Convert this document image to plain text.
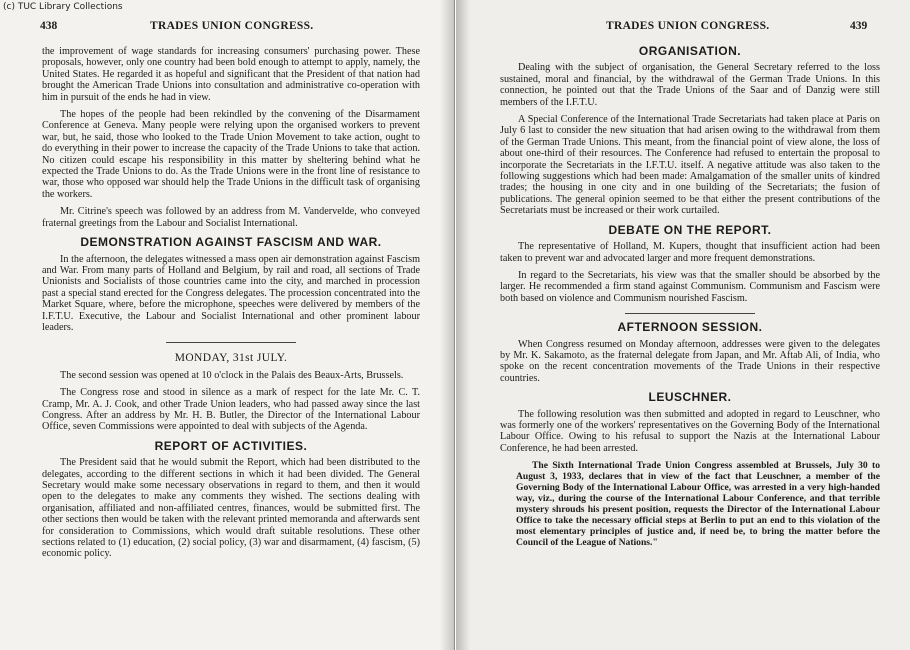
(c) TUC Library Collections
438	TRADES UNION CONGRESS.

the improvement of wage standards for increasing consumers' purchasing power. These proposals, however, only one country had been bold enough to attempt to apply, namely, the United States. He regarded it as hopeful and significant that the President of that nation had brought the American Trade Unions into consultation and administrative co-operation with him in pursuit of the ends he had in view.

The hopes of the people had been rekindled by the convening of the Disarmament Conference at Geneva. Many people were relying upon the organised workers to prevent war, but, he said, those who looked to the Trade Union Movement to take action, ought to do everything in their power to increase the capacity of the Trade Unions to take that action. No citizen could escape his responsibility in this matter by sheltering behind what he expected the Trade Unions to do. As the Trade Unions were in the front line of resistance to war, those who opposed war should help the Trade Unions in the difficult task of organising the workers.

Mr. Citrine's speech was followed by an address from M. Vandervelde, who conveyed fraternal greetings from the Labour and Socialist International.

DEMONSTRATION AGAINST FASCISM AND WAR.

In the afternoon, the delegates witnessed a mass open air demonstration against Fascism and War. From many parts of Holland and Belgium, by rail and road, all sections of Trade Unionists and Socialists of those countries came into the city, and marched in procession past a special stand erected for the Congress delegates. The procession concentrated into the Market Square, where, before the microphone, speeches were delivered by members of the I.F.T.U. Executive, the Labour and Socialist International and other prominent labour leaders.

MONDAY, 31st JULY.

The second session was opened at 10 o'clock in the Palais des Beaux-Arts, Brussels.

The Congress rose and stood in silence as a mark of respect for the late Mr. C. T. Cramp, Mr. A. J. Cook, and other Trade Union leaders, who had passed away since the last Congress. After an address by Mr. H. B. Butler, the Director of the International Labour Office, seven Commissions were appointed to deal with subjects of the Agenda.

REPORT OF ACTIVITIES.

The President said that he would submit the Report, which had been distributed to the delegates, according to the different sections in which it had been divided. The General Secretary would make some necessary observations in regard to them, and then it would open to the delegates to make any comments they wished. The sections dealing with organisation, affiliated and non-affiliated centres, finances, would be submitted first. The other sections then would be taken with the relevant printed memoranda and afterwards sent for consideration to Commissions, which would draft suitable resolutions. These other sections related to (1) education, (2) social policy, (3) war and disarmament, (4) fascism, (5) economic policy.

TRADES UNION CONGRESS.	439
ORGANISATION.

Dealing with the subject of organisation, the General Secretary referred to the loss sustained, moral and financial, by the withdrawal of the German Trade Unions. In this connection, he pointed out that the Trade Unions of the Saar and of Danzig were still members of the I.F.T.U.

A Special Conference of the International Trade Secretariats had taken place at Paris on July 6 last to consider the new situation that had arisen owing to the withdrawal from them of the German Trade Unions. This meant, from the financial point of view alone, the loss of about one-third of their resources. The Conference had refused to entertain the proposal to incorporate the Secretariats in the I.F.T.U. itself. A negative attitude was also taken to the following suggestions which had been made: Amalgamation of the smaller units of kindred trades; the housing in one city and in one building of the Secretariats; the fusion of publications. The general opinion seemed to be that either the present contributions of the Secretariats must be increased or their work curtailed.

DEBATE ON THE REPORT.

The representative of Holland, M. Kupers, thought that insufficient action had been taken to prevent war and advocated larger and more frequent demonstrations.

In regard to the Secretariats, his view was that the smaller should be absorbed by the larger. He recommended a firm stand against Communism. Communism and Fascism were both based on violence and Communism nourished Fascism.

AFTERNOON SESSION.

When Congress resumed on Monday afternoon, addresses were given to the delegates by Mr. K. Sakamoto, as the fraternal delegate from Japan, and Mr. Aftab Ali, of India, who spoke on the recent concentration movements of the Trade Unions in their respective countries.

LEUSCHNER.

The following resolution was then submitted and adopted in regard to Leuschner, who was formerly one of the workers' representatives on the Governing Body of the International Labour Office. Owing to his refusal to support the Nazis at the International Labour Conference, he had been arrested.

The Sixth International Trade Union Congress assembled at Brussels, July 30 to August 3, 1933, declares that in view of the fact that Leuschner, a member of the Governing Body of the International Labour Office, was arrested in a very high-handed way, viz., during the course of the International Labour Conference, and that terrible mystery shrouds his present position, requests the Director of the International Labour Office to take the necessary official steps at Berlin to put an end to this violation of the most elementary principles of justice and, if need be, to bring the matter before the Council of the League of Nations."
